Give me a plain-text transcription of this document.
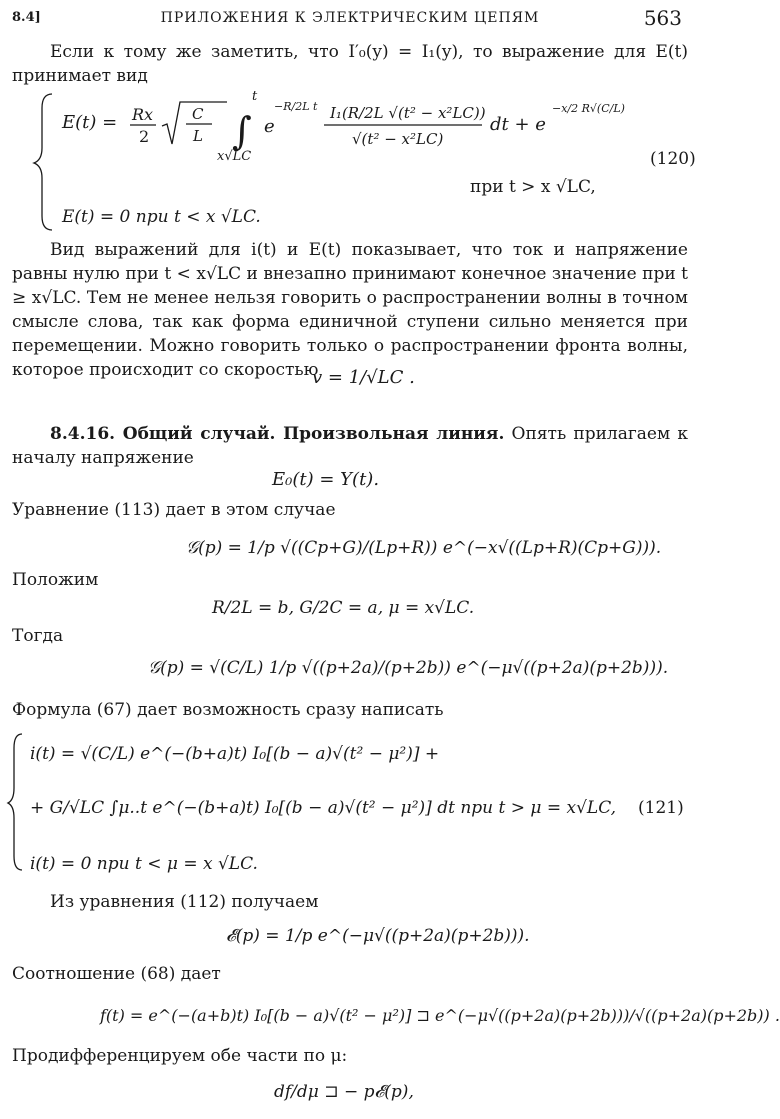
8.4]	ПРИЛОЖЕНИЯ К ЭЛЕКТРИЧЕСКИМ ЦЕПЯМ	563
Если к тому же заметить, что I′₀(y) = I₁(y), то выражение для E(t)
принимает вид
E(t) = Rx
2
C
L ∫
t
x√LC
e
−R/2L t I₁(R/2L √(t² − x²LC))
√(t² − x²LC)
dt + e
−x/2 R√(C/L)
(120)
при t > x √LC,
E(t) = 0 при t < x √LC.
Вид выражений для i(t) и E(t) показывает, что ток и напряжение равны нулю при t < x√LC и внезапно принимают конечное значение при t ≥ x√LC. Тем не менее нельзя говорить о распространении волны в точном смысле слова, так как форма единичной ступени сильно меняется при перемещении. Можно говорить только о распространении фронта волны, которое происходит со скоростью
v = 1/√LC .
8.4.16. Общий случай. Произвольная линия. Опять прилагаем к началу напряжение
E₀(t) = Υ(t).
Уравнение (113) дает в этом случае
𝒢(p) = 1/p √((Cp+G)/(Lp+R)) e^(−x√((Lp+R)(Cp+G))).
Положим
R/2L = b, G/2C = a, μ = x√LC.
Тогда
𝒢(p) = √(C/L) 1/p √((p+2a)/(p+2b)) e^(−μ√((p+2a)(p+2b))).
Формула (67) дает возможность сразу написать
i(t) = √(C/L) e^(−(b+a)t) I₀[(b − a)√(t² − μ²)] +
+ G/√LC ∫μ..t e^(−(b+a)t) I₀[(b − a)√(t² − μ²)] dt при t > μ = x√LC, (121)
i(t) = 0 при t < μ = x √LC.
Из уравнения (112) получаем
𝓔(p) = 1/p e^(−μ√((p+2a)(p+2b))).
Соотношение (68) дает
f(t) = e^(−(a+b)t) I₀[(b − a)√(t² − μ²)] ⊐ e^(−μ√((p+2a)(p+2b)))/√((p+2a)(p+2b)) .
Продифференцируем обе части по μ:
df/dμ ⊐ − p𝓔(p),
